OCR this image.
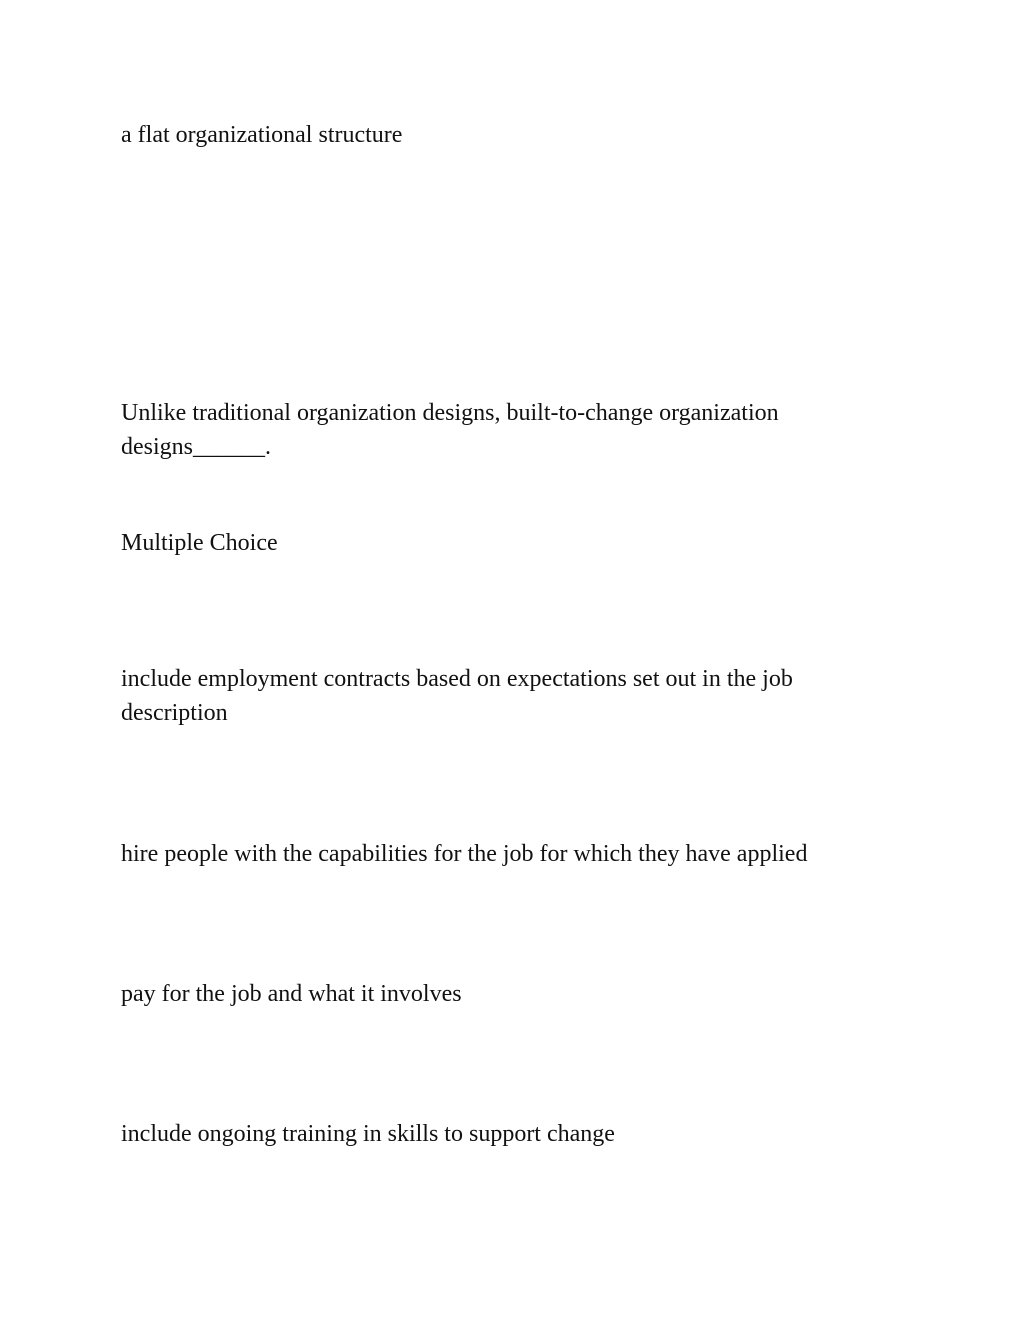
a flat organizational structure

Unlike traditional organization designs, built-to-change organization designs______.

Multiple Choice

include employment contracts based on expectations set out in the job description

hire people with the capabilities for the job for which they have applied

pay for the job and what it involves

include ongoing training in skills to support change
